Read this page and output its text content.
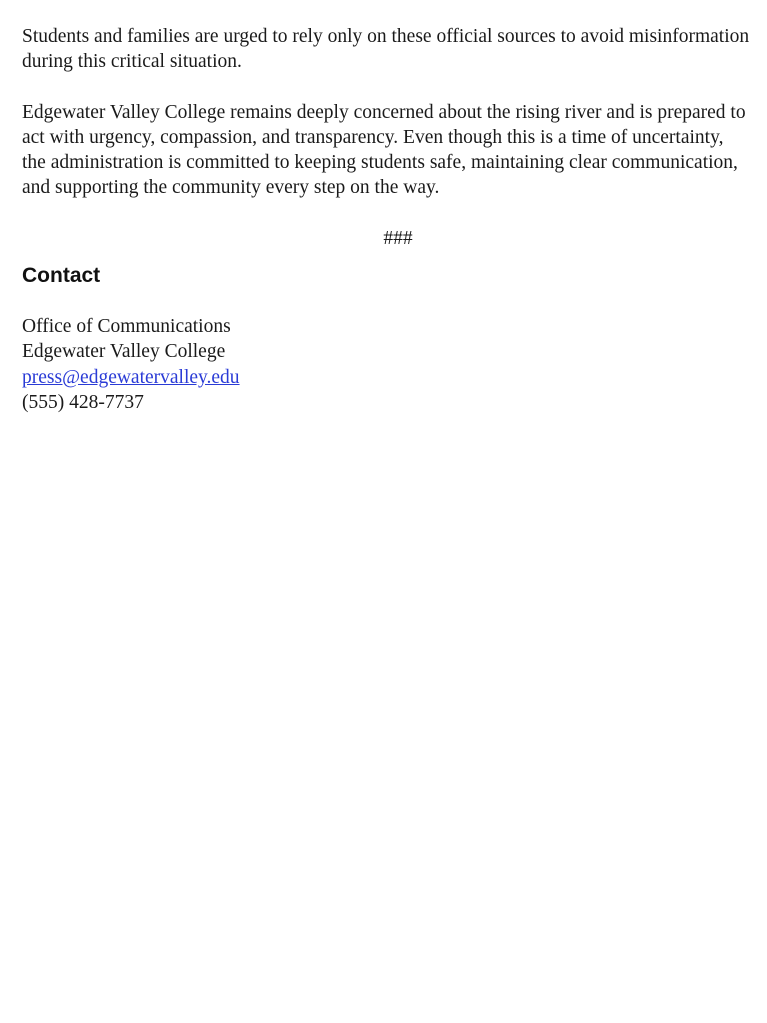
Students and families are urged to rely only on these official sources to avoid misinformation during this critical situation.

Edgewater Valley College remains deeply concerned about the rising river and is prepared to act with urgency, compassion, and transparency. Even though this is a time of uncertainty, the administration is committed to keeping students safe, maintaining clear communication, and supporting the community every step on the way.

###
Contact
Office of Communications
Edgewater Valley College
press@edgewatervalley.edu
(555) 428-7737
